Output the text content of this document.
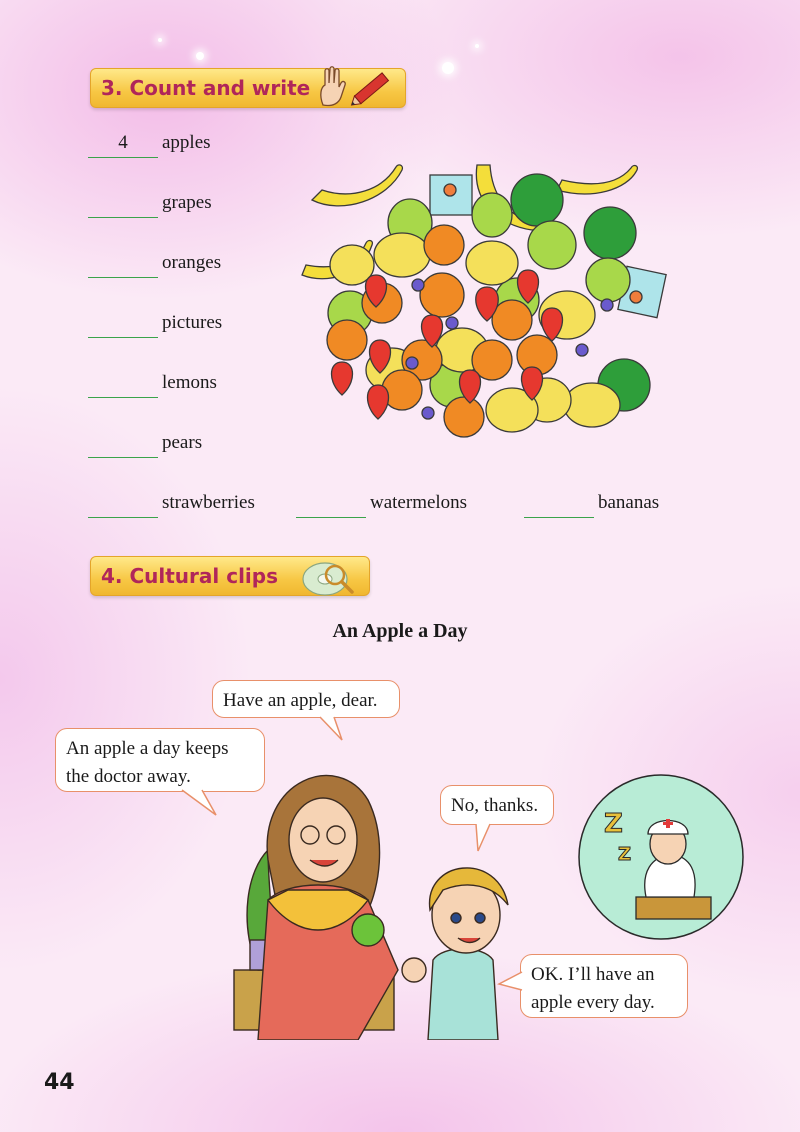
3. Count and write
4	apples
grapes
oranges
pictures
lemons
pears
strawberries	watermelons	bananas
4. Cultural clips
An Apple a Day
Have an apple, dear.
An apple a day keeps
the doctor away.
No, thanks.
OK. I’ll have an
apple every day.
Z
Z
44
